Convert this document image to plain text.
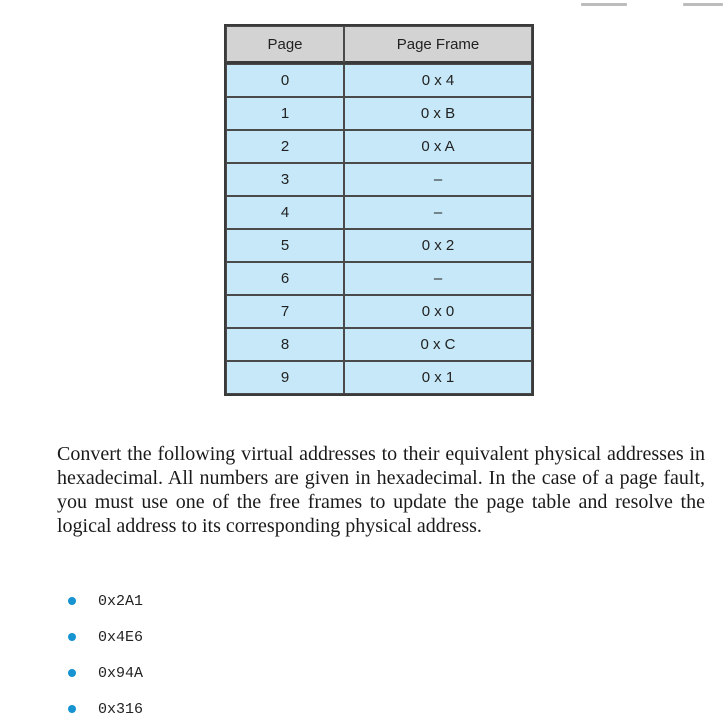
Page	Page Frame
0	0 x 4
1	0 x B
2	0 x A
3	–
4	–
5	0 x 2
6	–
7	0 x 0
8	0 x C
9	0 x 1

Convert the following virtual addresses to their equivalent physical addresses in hexadecimal. All numbers are given in hexadecimal. In the case of a page fault, you must use one of the free frames to update the page table and resolve the logical address to its corresponding physical address.

0x2A1
0x4E6
0x94A
0x316
